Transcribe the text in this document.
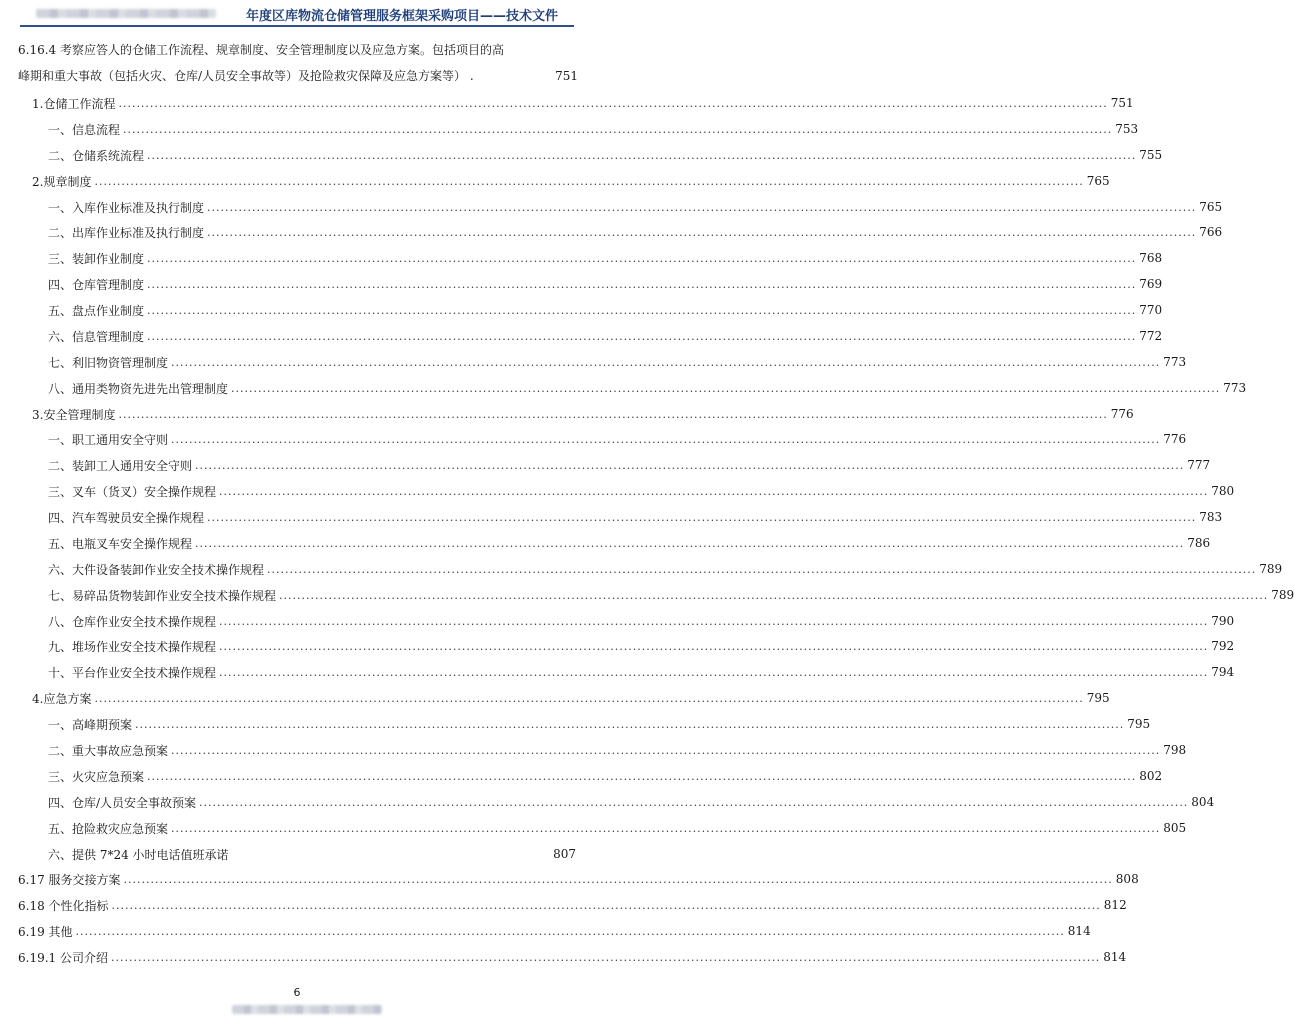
年度区库物流仓储管理服务框架采购项目——技术文件
6.16.4 考察应答人的仓储工作流程、规章制度、安全管理制度以及应急方案。包括项目的高
峰期和重大事故（包括火灾、仓库/人员安全事故等）及抢险救灾保障及应急方案等） .	751
1.仓储工作流程 ............................................................................................................................................................................................................................ 751
一、信息流程 ............................................................................................................................................................................................................................ 753
二、仓储系统流程 ............................................................................................................................................................................................................................ 755
2.规章制度 ............................................................................................................................................................................................................................ 765
一、入库作业标准及执行制度 ............................................................................................................................................................................................................................ 765
二、出库作业标准及执行制度 ............................................................................................................................................................................................................................ 766
三、装卸作业制度 ............................................................................................................................................................................................................................ 768
四、仓库管理制度 ............................................................................................................................................................................................................................ 769
五、盘点作业制度 ............................................................................................................................................................................................................................ 770
六、信息管理制度 ............................................................................................................................................................................................................................ 772
七、利旧物资管理制度 ............................................................................................................................................................................................................................ 773
八、通用类物资先进先出管理制度 ............................................................................................................................................................................................................................ 773
3.安全管理制度 ............................................................................................................................................................................................................................ 776
一、职工通用安全守则 ............................................................................................................................................................................................................................ 776
二、装卸工人通用安全守则 ............................................................................................................................................................................................................................ 777
三、叉车（货叉）安全操作规程 ............................................................................................................................................................................................................................ 780
四、汽车驾驶员安全操作规程 ............................................................................................................................................................................................................................ 783
五、电瓶叉车安全操作规程 ............................................................................................................................................................................................................................ 786
六、大件设备装卸作业安全技术操作规程 ............................................................................................................................................................................................................................ 789
七、易碎品货物装卸作业安全技术操作规程 ............................................................................................................................................................................................................................ 789
八、仓库作业安全技术操作规程 ............................................................................................................................................................................................................................ 790
九、堆场作业安全技术操作规程 ............................................................................................................................................................................................................................ 792
十、平台作业安全技术操作规程 ............................................................................................................................................................................................................................ 794
4.应急方案 ............................................................................................................................................................................................................................ 795
一、高峰期预案 ............................................................................................................................................................................................................................ 795
二、重大事故应急预案 ............................................................................................................................................................................................................................ 798
三、火灾应急预案 ............................................................................................................................................................................................................................ 802
四、仓库/人员安全事故预案 ............................................................................................................................................................................................................................ 804
五、抢险救灾应急预案 ............................................................................................................................................................................................................................ 805
六、提供 7*24 小时电话值班承诺	807
6.17 服务交接方案 ............................................................................................................................................................................................................................ 808
6.18 个性化指标 ............................................................................................................................................................................................................................ 812
6.19 其他 ............................................................................................................................................................................................................................ 814
6.19.1 公司介绍 ............................................................................................................................................................................................................................ 814
6
